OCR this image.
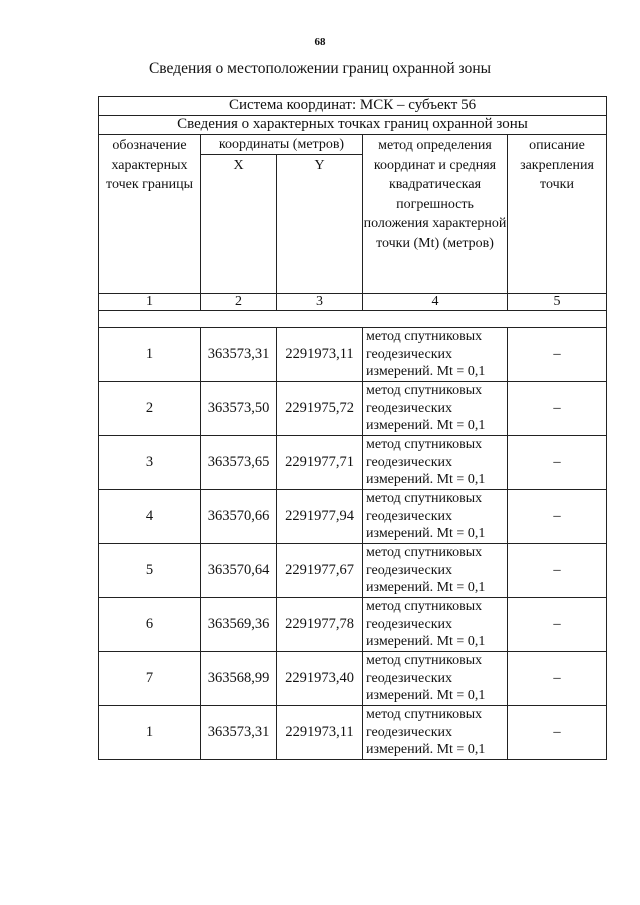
68
Сведения о местоположении границ охранной зоны
Система координат: МСК – субъект 56				
Сведения о характерных точках границ охранной зоны				

обозначение характерных точек границы	координаты (метров)		метод определения координат и средняя квадратическая погрешность положения характерной точки (Mt) (метров)	описание закрепления точки

	X	Y		
1	2	3	4	5

1	363573,31	2291973,11	метод спутниковых геодезических измерений. Mt = 0,1	–
2	363573,50	2291975,72	метод спутниковых геодезических измерений. Mt = 0,1	–
3	363573,65	2291977,71	метод спутниковых геодезических измерений. Mt = 0,1	–
4	363570,66	2291977,94	метод спутниковых геодезических измерений. Mt = 0,1	–
5	363570,64	2291977,67	метод спутниковых геодезических измерений. Mt = 0,1	–
6	363569,36	2291977,78	метод спутниковых геодезических измерений. Mt = 0,1	–
7	363568,99	2291973,40	метод спутниковых геодезических измерений. Mt = 0,1	–
1	363573,31	2291973,11	метод спутниковых геодезических измерений. Mt = 0,1	–
